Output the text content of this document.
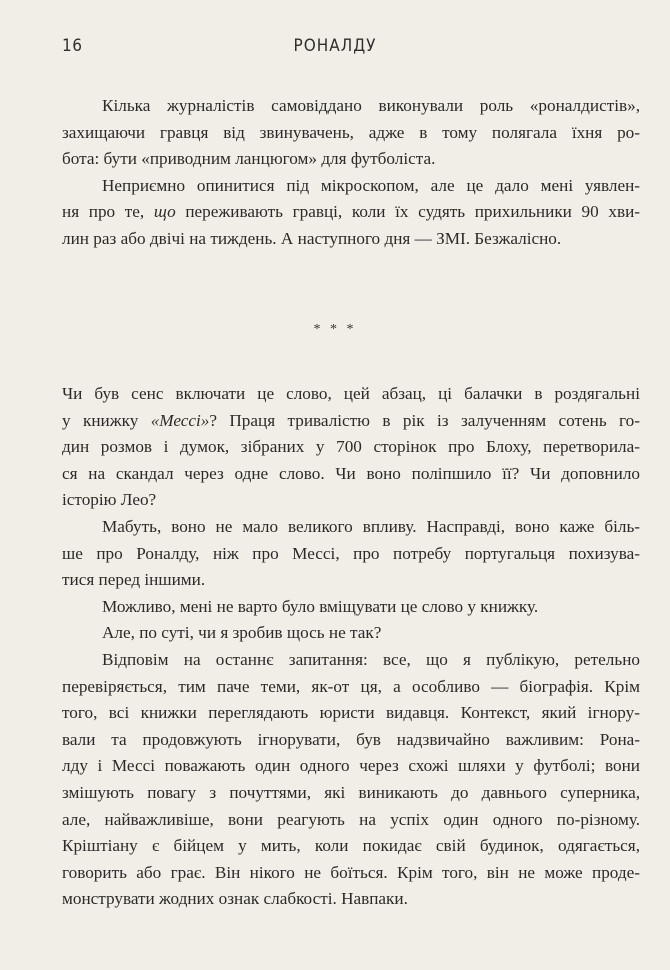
16	РОНАЛДУ
Кілька журналістів самовіддано виконували роль «роналдистів»,
захищаючи гравця від звинувачень, адже в тому полягала їхня ро-
бота: бути «приводним ланцюгом» для футболіста.
Неприємно опинитися під мікроскопом, але це дало мені уявлен-
ня про те, що переживають гравці, коли їх судять прихильники 90 хви-
лин раз або двічі на тиждень. А наступного дня — ЗМІ. Безжалісно.
* * *
Чи був сенс включати це слово, цей абзац, ці балачки в роздягальні
у книжку «Мессі»? Праця тривалістю в рік із залученням сотень го-
дин розмов і думок, зібраних у 700 сторінок про Блоху, перетворила-
ся на скандал через одне слово. Чи воно поліпшило її? Чи доповнило
історію Лео?
Мабуть, воно не мало великого впливу. Насправді, воно каже біль-
ше про Роналду, ніж про Мессі, про потребу португальця похизува-
тися перед іншими.
Можливо, мені не варто було вміщувати це слово у книжку.
Але, по суті, чи я зробив щось не так?
Відповім на останнє запитання: все, що я публікую, ретельно
перевіряється, тим паче теми, як-от ця, а особливо — біографія. Крім
того, всі книжки переглядають юристи видавця. Контекст, який ігнору-
вали та продовжують ігнорувати, був надзвичайно важливим: Рона-
лду і Мессі поважають один одного через схожі шляхи у футболі; вони
змішують повагу з почуттями, які виникають до давнього суперника,
але, найважливіше, вони реагують на успіх один одного по-різному.
Кріштіану є бійцем у мить, коли покидає свій будинок, одягається,
говорить або грає. Він нікого не боїться. Крім того, він не може проде-
монструвати жодних ознак слабкості. Навпаки.
